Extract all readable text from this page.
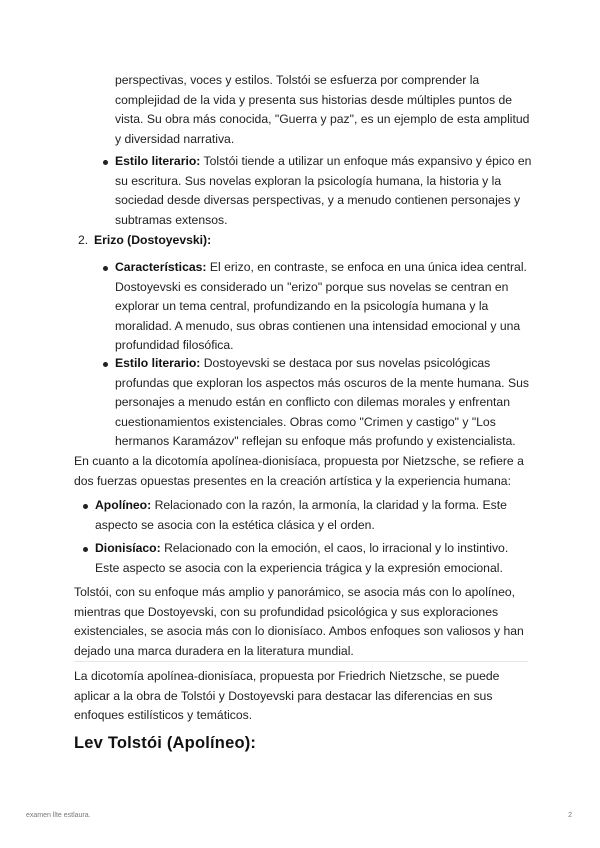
perspectivas, voces y estilos. Tolstói se esfuerza por comprender la complejidad de la vida y presenta sus historias desde múltiples puntos de vista. Su obra más conocida, "Guerra y paz", es un ejemplo de esta amplitud y diversidad narrativa.

Estilo literario: Tolstói tiende a utilizar un enfoque más expansivo y épico en su escritura. Sus novelas exploran la psicología humana, la historia y la sociedad desde diversas perspectivas, y a menudo contienen personajes y subtramas extensos.

2. Erizo (Dostoyevski):

Características: El erizo, en contraste, se enfoca en una única idea central. Dostoyevski es considerado un "erizo" porque sus novelas se centran en explorar un tema central, profundizando en la psicología humana y la moralidad. A menudo, sus obras contienen una intensidad emocional y una profundidad filosófica.

Estilo literario: Dostoyevski se destaca por sus novelas psicológicas profundas que exploran los aspectos más oscuros de la mente humana. Sus personajes a menudo están en conflicto con dilemas morales y enfrentan cuestionamientos existenciales. Obras como "Crimen y castigo" y "Los hermanos Karamázov" reflejan su enfoque más profundo y existencialista.

En cuanto a la dicotomía apolínea-dionisíaca, propuesta por Nietzsche, se refiere a dos fuerzas opuestas presentes en la creación artística y la experiencia humana:

Apolíneo: Relacionado con la razón, la armonía, la claridad y la forma. Este aspecto se asocia con la estética clásica y el orden.

Dionisíaco: Relacionado con la emoción, el caos, lo irracional y lo instintivo. Este aspecto se asocia con la experiencia trágica y la expresión emocional.

Tolstói, con su enfoque más amplio y panorámico, se asocia más con lo apolíneo, mientras que Dostoyevski, con su profundidad psicológica y sus exploraciones existenciales, se asocia más con lo dionisíaco. Ambos enfoques son valiosos y han dejado una marca duradera en la literatura mundial.

La dicotomía apolínea-dionisíaca, propuesta por Friedrich Nietzsche, se puede aplicar a la obra de Tolstói y Dostoyevski para destacar las diferencias en sus enfoques estilísticos y temáticos.

Lev Tolstói (Apolíneo):
examen llte estlaura.	2
